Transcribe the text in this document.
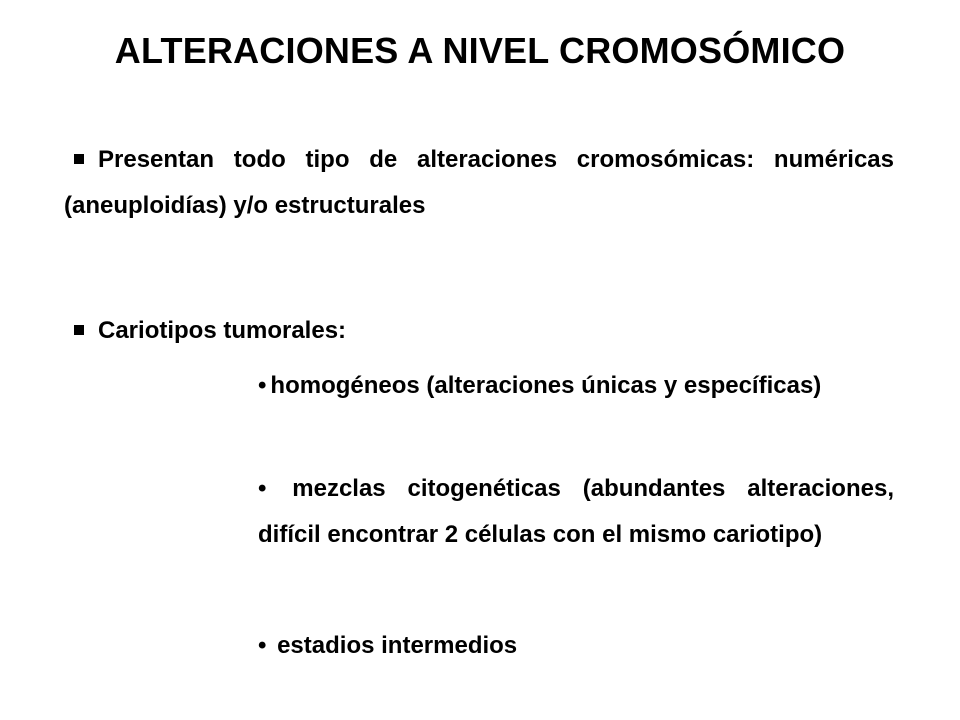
ALTERACIONES A NIVEL CROMOSÓMICO
Presentan todo tipo de alteraciones cromosómicas: numéricas (aneuploidías) y/o estructurales
Cariotipos tumorales:
• homogéneos (alteraciones únicas y específicas)
• mezclas citogenéticas (abundantes alteraciones, difícil encontrar 2 células con el mismo cariotipo)
• estadios intermedios
